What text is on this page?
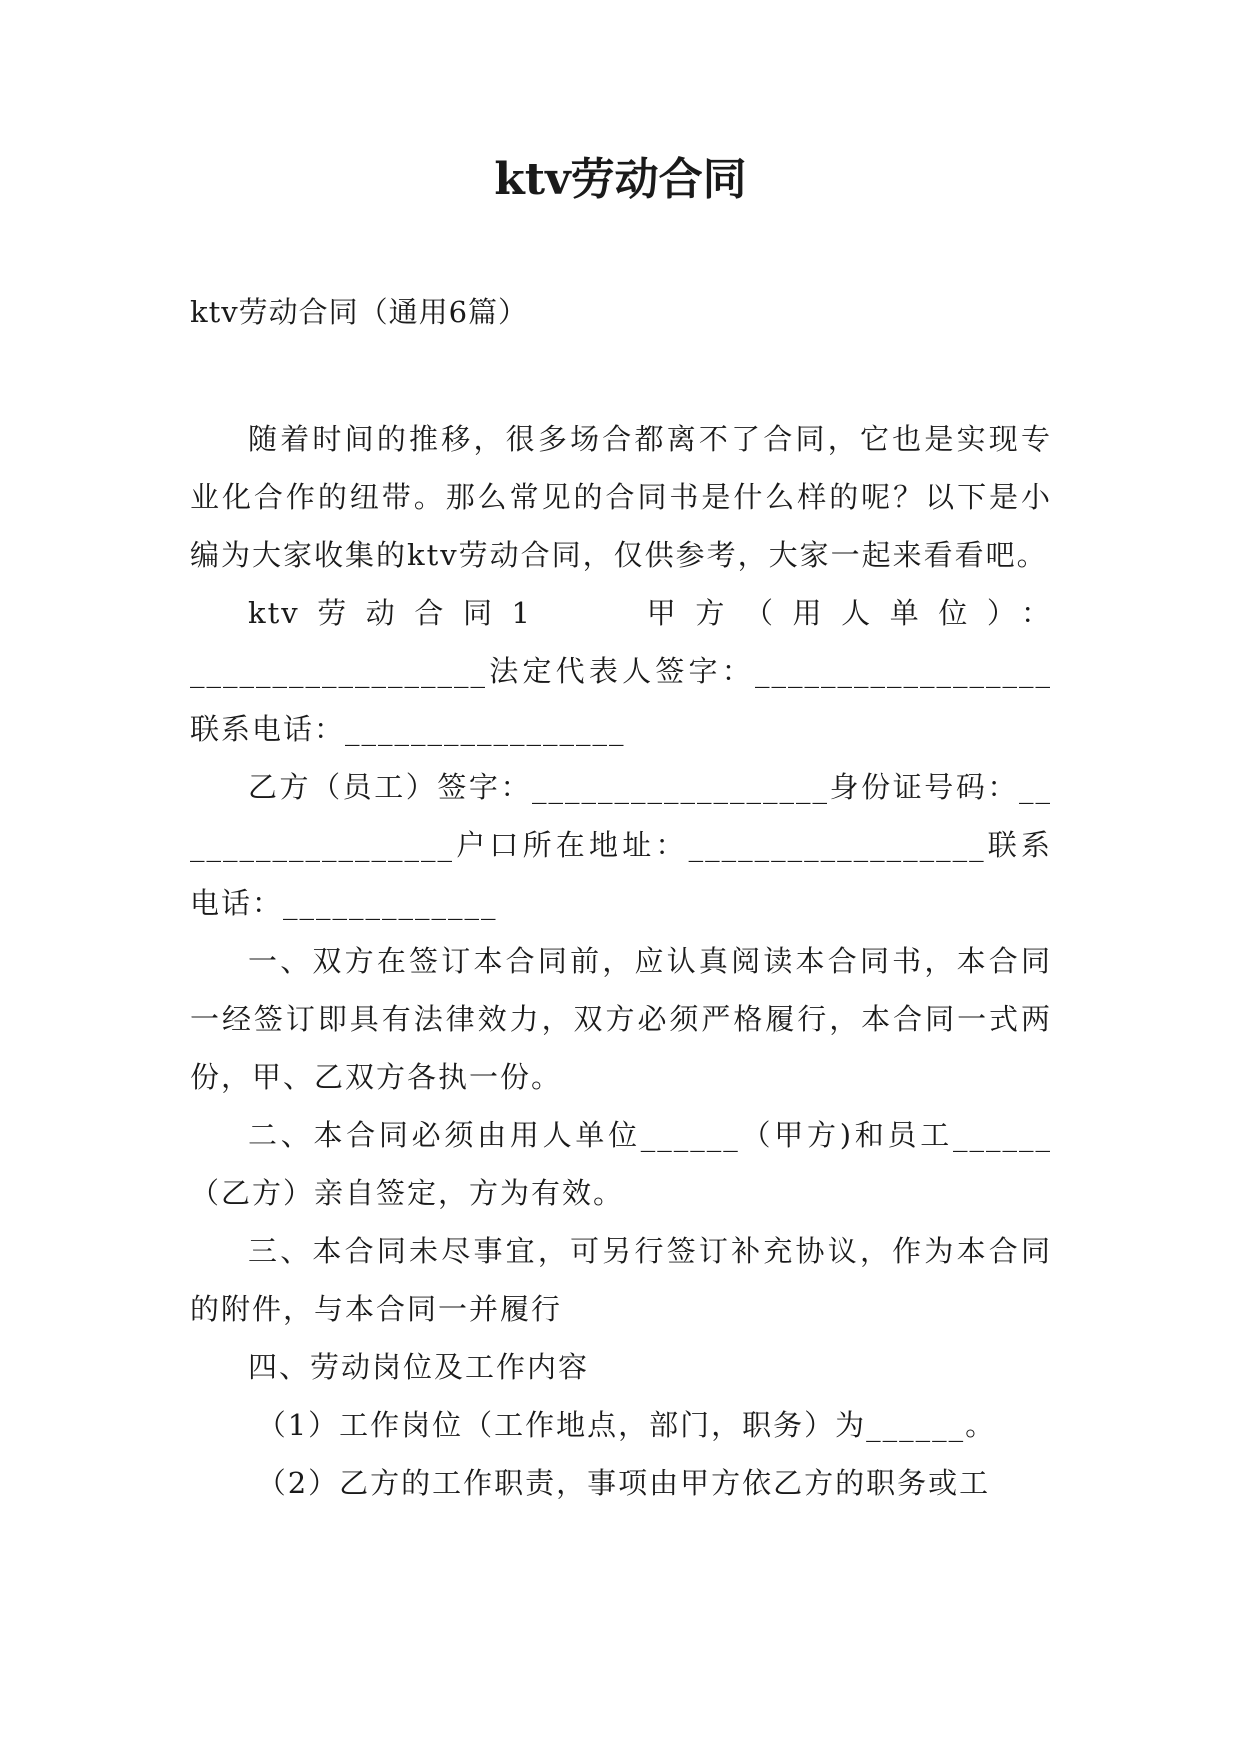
ktv劳动合同

ktv劳动合同（通用6篇）

随着时间的推移，很多场合都离不了合同，它也是实现专业化合作的纽带。那么常见的合同书是什么样的呢？以下是小编为大家收集的ktv劳动合同，仅供参考，大家一起来看看吧。

ktv劳动合同1　　甲方（用人单位）：

__________________法定代表人签字：__________________联系电话：_________________

乙方（员工）签字：__________________身份证号码：__________________户口所在地址：__________________联系电话：_____________

一、双方在签订本合同前，应认真阅读本合同书，本合同一经签订即具有法律效力，双方必须严格履行，本合同一式两份，甲、乙双方各执一份。

二、本合同必须由用人单位______（甲方)和员工______（乙方）亲自签定，方为有效。

三、本合同未尽事宜，可另行签订补充协议，作为本合同的附件，与本合同一并履行

四、劳动岗位及工作内容

（1）工作岗位（工作地点，部门，职务）为______。

（2）乙方的工作职责，事项由甲方依乙方的职务或工
